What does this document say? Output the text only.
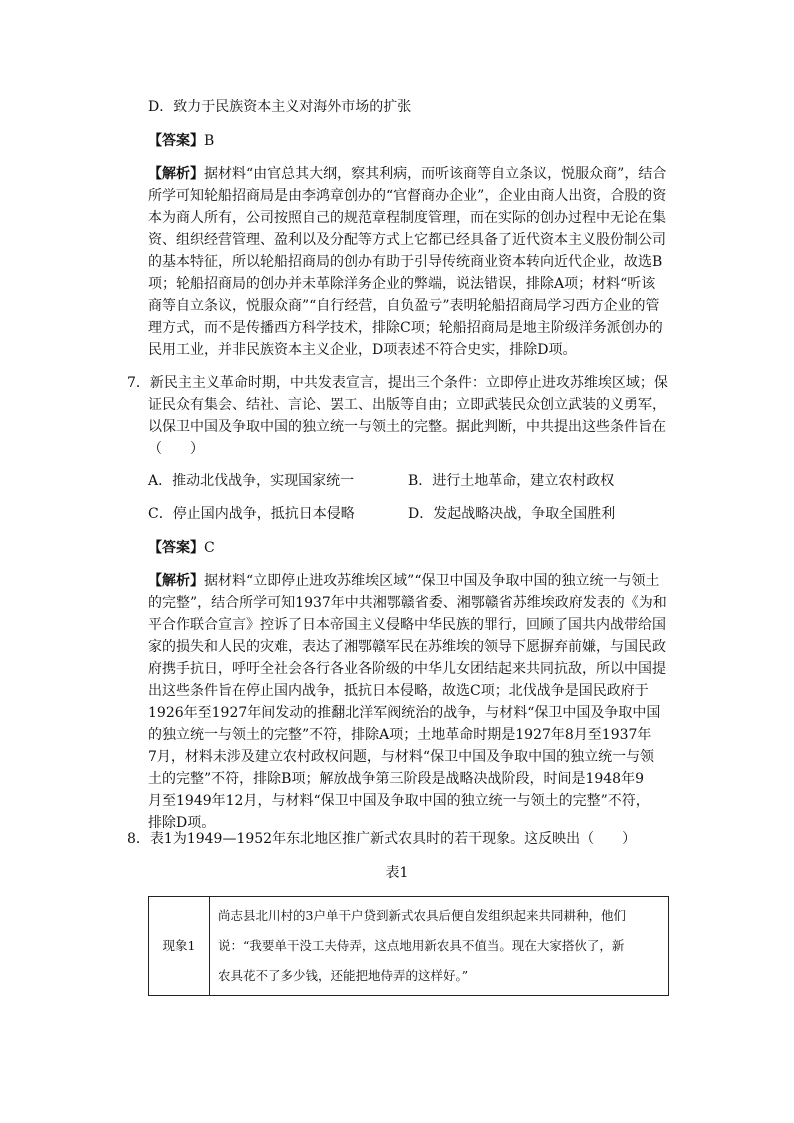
D．致力于民族资本主义对海外市场的扩张
【答案】B
【解析】据材料“由官总其大纲，察其利病，而听该商等自立条议，悦服众商”，结合
所学可知轮船招商局是由李鸿章创办的“官督商办企业”，企业由商人出资，合股的资
本为商人所有，公司按照自己的规范章程制度管理，而在实际的创办过程中无论在集
资、组织经营管理、盈利以及分配等方式上它都已经具备了近代资本主义股份制公司
的基本特征，所以轮船招商局的创办有助于引导传统商业资本转向近代企业，故选B
项；轮船招商局的创办并未革除洋务企业的弊端，说法错误，排除A项；材料“听该
商等自立条议，悦服众商”“自行经营，自负盈亏”表明轮船招商局学习西方企业的管
理方式，而不是传播西方科学技术，排除C项；轮船招商局是地主阶级洋务派创办的
民用工业，并非民族资本主义企业，D项表述不符合史实，排除D项。
7．新民主主义革命时期，中共发表宣言，提出三个条件：立即停止进攻苏维埃区域；保
证民众有集会、结社、言论、罢工、出版等自由；立即武装民众创立武装的义勇军，
以保卫中国及争取中国的独立统一与领土的完整。据此判断，中共提出这些条件旨在
（　　）
A．推动北伐战争，实现国家统一	B．进行土地革命，建立农村政权
C．停止国内战争，抵抗日本侵略	D．发起战略决战，争取全国胜利
【答案】C
【解析】据材料“立即停止进攻苏维埃区域”“保卫中国及争取中国的独立统一与领土
的完整”，结合所学可知1937年中共湘鄂赣省委、湘鄂赣省苏维埃政府发表的《为和
平合作联合宣言》控诉了日本帝国主义侵略中华民族的罪行，回顾了国共内战带给国
家的损失和人民的灾难，表达了湘鄂赣军民在苏维埃的领导下愿摒弃前嫌，与国民政
府携手抗日，呼吁全社会各行各业各阶级的中华儿女团结起来共同抗敌，所以中国提
出这些条件旨在停止国内战争，抵抗日本侵略，故选C项；北伐战争是国民政府于
1926年至1927年间发动的推翻北洋军阀统治的战争，与材料“保卫中国及争取中国
的独立统一与领土的完整”不符，排除A项；土地革命时期是1927年8月至1937年
7月，材料未涉及建立农村政权问题，与材料“保卫中国及争取中国的独立统一与领
土的完整”不符，排除B项；解放战争第三阶段是战略决战阶段，时间是1948年9
月至1949年12月，与材料“保卫中国及争取中国的独立统一与领土的完整”不符，
排除D项。
8．表1为1949—1952年东北地区推广新式农具时的若干现象。这反映出（　　）
表1
现象1	
尚志县北川村的3户单干户贷到新式农具后便自发组织起来共同耕种，他们
说：“我要单干没工夫侍弄，这点地用新农具不值当。现在大家搭伙了，新
农具花不了多少钱，还能把地侍弄的这样好。”
